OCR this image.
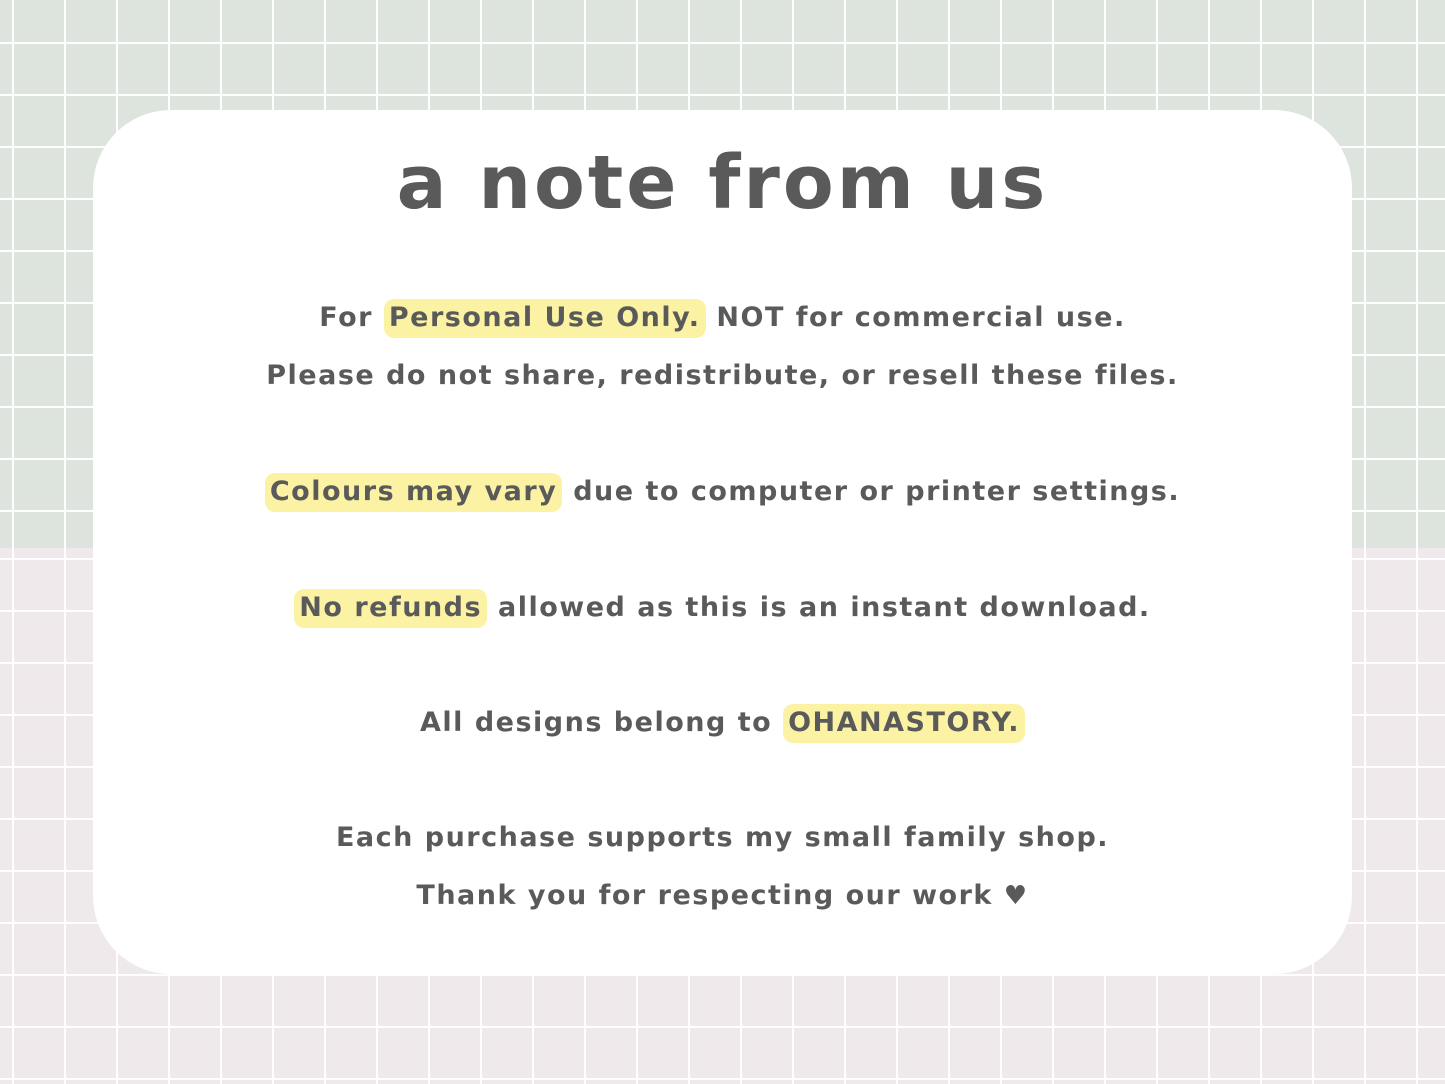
a note from us

For Personal Use Only. NOT for commercial use.

Please do not share, redistribute, or resell these files.

Colours may vary due to computer or printer settings.

No refunds allowed as this is an instant download.

All designs belong to OHANASTORY.

Each purchase supports my small family shop.

Thank you for respecting our work ♥
